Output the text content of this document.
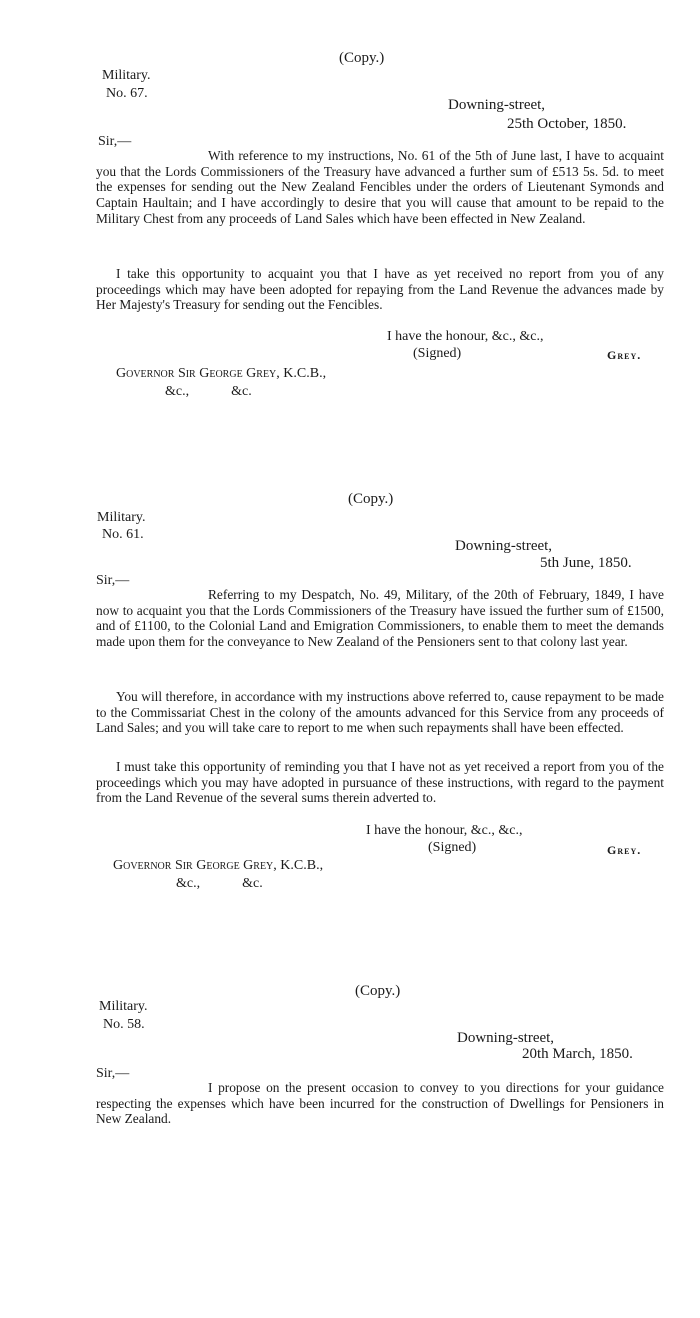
(Copy.)
Military.
No. 67.
Downing-street,
25th October, 1850.
Sir,—
With reference to my instructions, No. 61 of the 5th of June last, I have to acquaint you that the Lords Commissioners of the Treasury have advanced a further sum of £513 5s. 5d. to meet the expenses for sending out the New Zealand Fencibles under the orders of Lieutenant Symonds and Captain Haultain; and I have accordingly to desire that you will cause that amount to be repaid to the Military Chest from any proceeds of Land Sales which have been effected in New Zealand.
I take this opportunity to acquaint you that I have as yet received no report from you of any proceedings which may have been adopted for repaying from the Land Revenue the advances made by Her Majesty's Treasury for sending out the Fencibles.
I have the honour, &c., &c.,
(Signed)	Grey.
Governor Sir George Grey, K.C.B.,
&c.,            &c.
(Copy.)
Military.
No. 61.
Downing-street,
5th June, 1850.
Sir,—
Referring to my Despatch, No. 49, Military, of the 20th of February, 1849, I have now to acquaint you that the Lords Commissioners of the Treasury have issued the further sum of £1500, and of £1100, to the Colonial Land and Emigration Commissioners, to enable them to meet the demands made upon them for the conveyance to New Zealand of the Pensioners sent to that colony last year.
You will therefore, in accordance with my instructions above referred to, cause repayment to be made to the Commissariat Chest in the colony of the amounts advanced for this Service from any proceeds of Land Sales; and you will take care to report to me when such repayments shall have been effected.
I must take this opportunity of reminding you that I have not as yet received a report from you of the proceedings which you may have adopted in pursuance of these instructions, with regard to the payment from the Land Revenue of the several sums therein adverted to.
I have the honour, &c., &c.,
(Signed)	Grey.
Governor Sir George Grey, K.C.B.,
&c.,            &c.
(Copy.)
Military.
No. 58.
Downing-street,
20th March, 1850.
Sir,—
I propose on the present occasion to convey to you directions for your guidance respecting the expenses which have been incurred for the construction of Dwellings for Pensioners in New Zealand.
